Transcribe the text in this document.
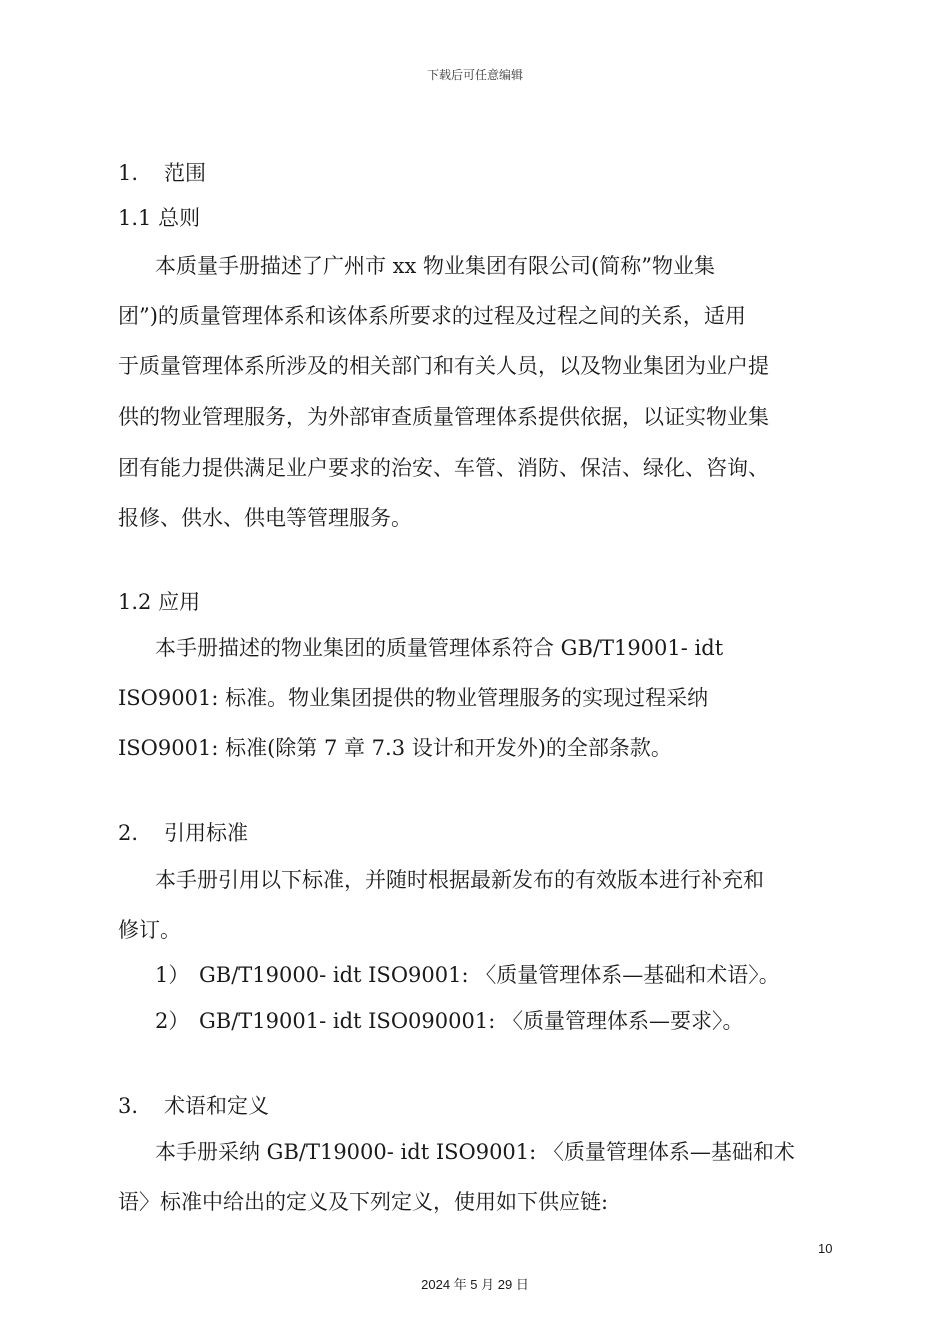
下载后可任意编辑
1. 范围
1.1 总则
本质量手册描述了广州市 xx 物业集团有限公司(简称”物业集
团”)的质量管理体系和该体系所要求的过程及过程之间的关系，适用
于质量管理体系所涉及的相关部门和有关人员，以及物业集团为业户提
供的物业管理服务，为外部审查质量管理体系提供依据，以证实物业集
团有能力提供满足业户要求的治安、车管、消防、保洁、绿化、咨询、
报修、供水、供电等管理服务。
1.2 应用
本手册描述的物业集团的质量管理体系符合 GB/T19001- idt
ISO9001: 标准。物业集团提供的物业管理服务的实现过程采纳
ISO9001: 标准(除第 7 章 7.3 设计和开发外)的全部条款。
2. 引用标准
本手册引用以下标准，并随时根据最新发布的有效版本进行补充和
修订。
1） GB/T19000- idt ISO9001: 〈质量管理体系—基础和术语〉。
2） GB/T19001- idt ISO090001: 〈质量管理体系—要求〉。
3. 术语和定义
本手册采纳 GB/T19000- idt ISO9001: 〈质量管理体系—基础和术
语〉标准中给出的定义及下列定义，使用如下供应链:
10
2024 年 5 月 29 日
